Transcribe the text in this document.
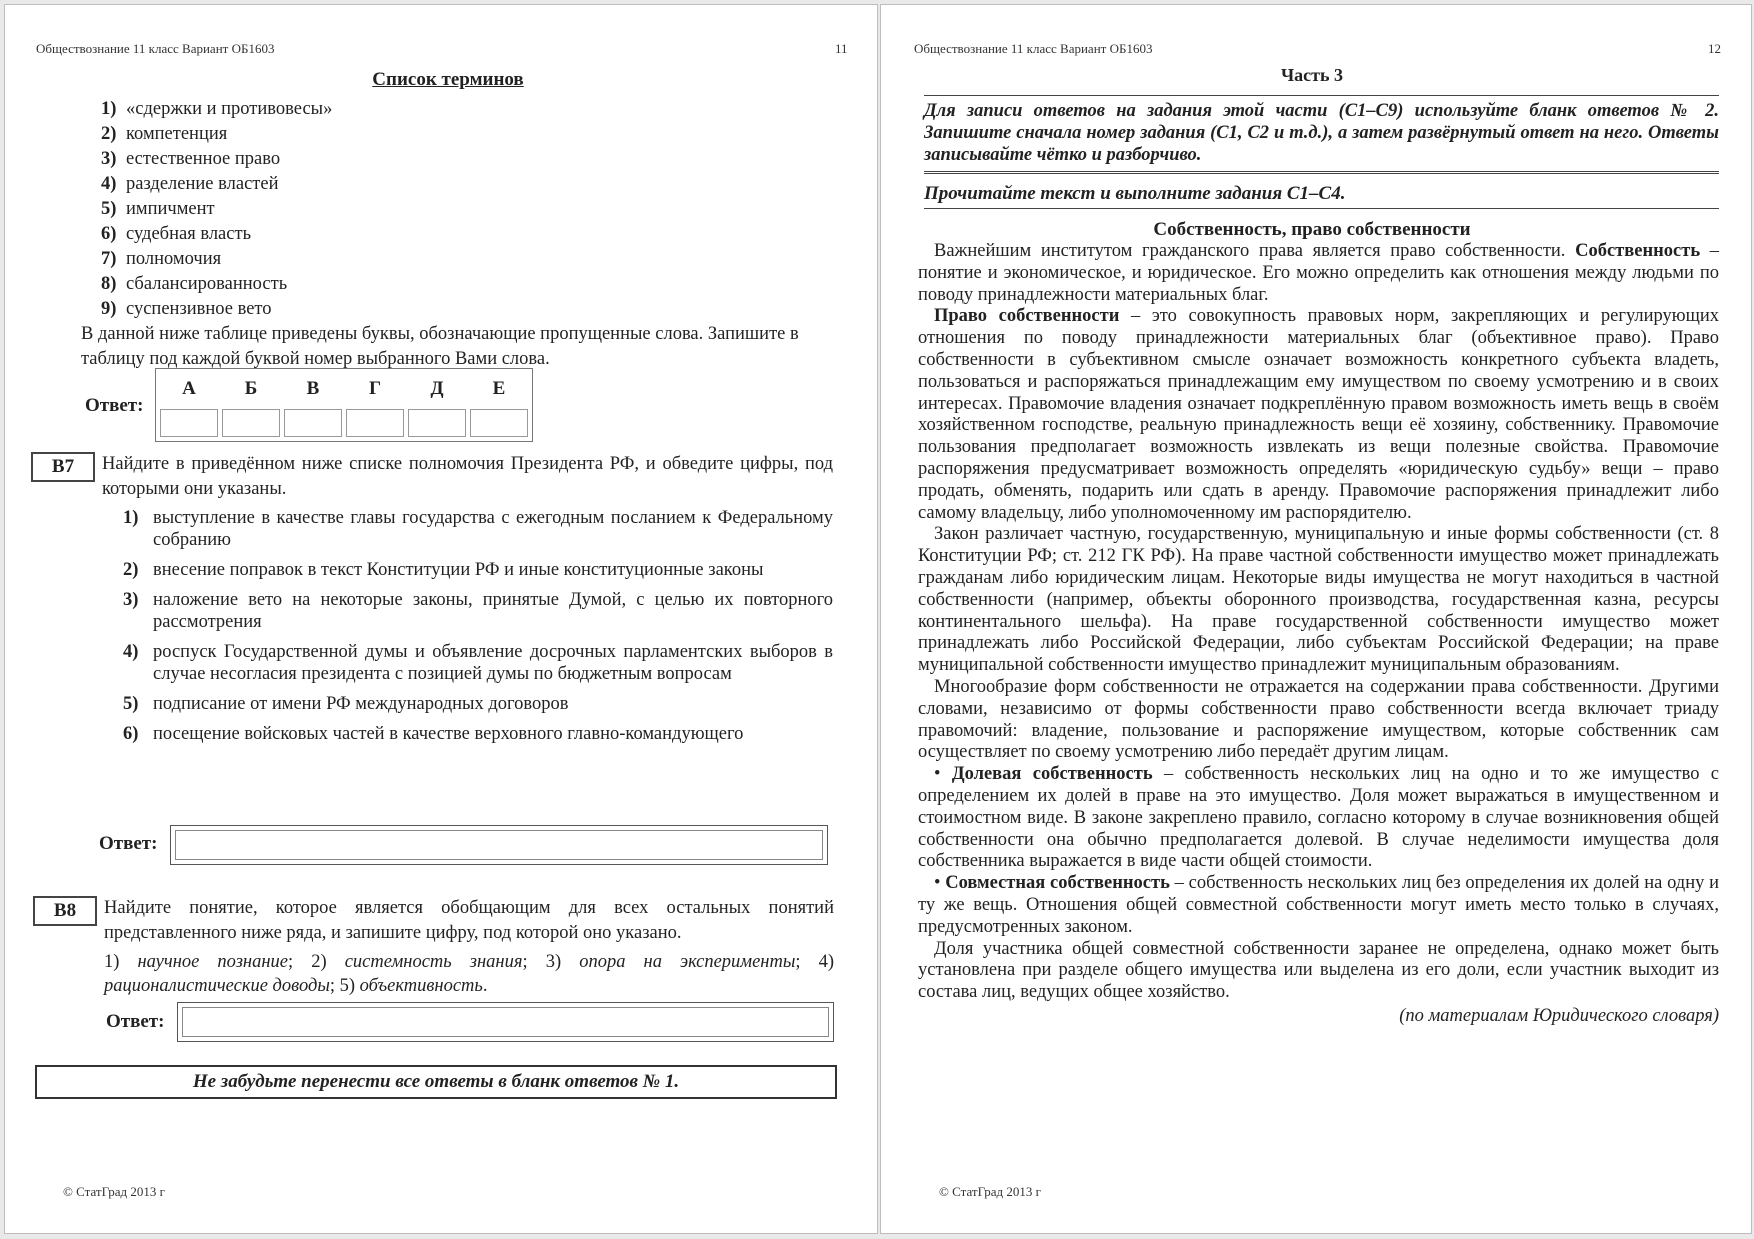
Обществознание 11 класс Вариант ОБ1603	11
Список терминов
1) «сдержки и противовесы»
2) компетенция
3) естественное право
4) разделение властей
5) импичмент
6) судебная власть
7) полномочия
8) сбалансированность
9) суспензивное вето
В данной ниже таблице приведены буквы, обозначающие пропущенные слова. Запишите в таблицу под каждой буквой номер выбранного Вами слова.
Ответ:
А	Б	В	Г	Д	Е

В7	Найдите в приведённом ниже списке полномочия Президента РФ, и обведите цифры, под которыми они указаны.
1) выступление в качестве главы государства с ежегодным посланием к Федеральному собранию
2) внесение поправок в текст Конституции РФ и иные конституционные законы
3) наложение вето на некоторые законы, принятые Думой, с целью их повторного рассмотрения
4) роспуск Государственной думы и объявление досрочных парламентских выборов в случае несогласия президента с позицией думы по бюджетным вопросам
5) подписание от имени РФ международных договоров
6) посещение войсковых частей в качестве верховного главно-командующего
Ответ:
В8	Найдите понятие, которое является обобщающим для всех остальных понятий представленного ниже ряда, и запишите цифру, под которой оно указано.
1) научное познание; 2) системность знания; 3) опора на эксперименты; 4) рационалистические доводы; 5) объективность.
Ответ:
Не забудьте перенести все ответы в бланк ответов № 1.
© СтатГрад 2013 г
Обществознание 11 класс Вариант ОБ1603	12
Часть 3
Для записи ответов на задания этой части (С1–С9) используйте бланк ответов № 2. Запишите сначала номер задания (С1, С2 и т.д.), а затем развёрнутый ответ на него. Ответы записывайте чётко и разборчиво.
Прочитайте текст и выполните задания С1–С4.
Собственность, право собственности

Важнейшим институтом гражданского права является право собственности. Собственность – понятие и экономическое, и юридическое. Его можно определить как отношения между людьми по поводу принадлежности материальных благ.

Право собственности – это совокупность правовых норм, закрепляющих и регулирующих отношения по поводу принадлежности материальных благ (объективное право). Право собственности в субъективном смысле означает возможность конкретного субъекта владеть, пользоваться и распоряжаться принадлежащим ему имуществом по своему усмотрению и в своих интересах. Правомочие владения означает подкреплённую правом возможность иметь вещь в своём хозяйственном господстве, реальную принадлежность вещи её хозяину, собственнику. Правомочие пользования предполагает возможность извлекать из вещи полезные свойства. Правомочие распоряжения предусматривает возможность определять «юридическую судьбу» вещи – право продать, обменять, подарить или сдать в аренду. Правомочие распоряжения принадлежит либо самому владельцу, либо уполномоченному им распорядителю.

Закон различает частную, государственную, муниципальную и иные формы собственности (ст. 8 Конституции РФ; ст. 212 ГК РФ). На праве частной собственности имущество может принадлежать гражданам либо юридическим лицам. Некоторые виды имущества не могут находиться в частной собственности (например, объекты оборонного производства, государственная казна, ресурсы континентального шельфа). На праве государственной собственности имущество может принадлежать либо Российской Федерации, либо субъектам Российской Федерации; на праве муниципальной собственности имущество принадлежит муниципальным образованиям.

Многообразие форм собственности не отражается на содержании права собственности. Другими словами, независимо от формы собственности право собственности всегда включает триаду правомочий: владение, пользование и распоряжение имуществом, которые собственник сам осуществляет по своему усмотрению либо передаёт другим лицам.

• Долевая собственность – собственность нескольких лиц на одно и то же имущество с определением их долей в праве на это имущество. Доля может выражаться в имущественном и стоимостном виде. В законе закреплено правило, согласно которому в случае возникновения общей собственности она обычно предполагается долевой. В случае неделимости имущества доля собственника выражается в виде части общей стоимости.

• Совместная собственность – собственность нескольких лиц без определения их долей на одну и ту же вещь. Отношения общей совместной собственности могут иметь место только в случаях, предусмотренных законом.

Доля участника общей совместной собственности заранее не определена, однако может быть установлена при разделе общего имущества или выделена из его доли, если участник выходит из состава лиц, ведущих общее хозяйство.

(по материалам Юридического словаря)

© СтатГрад 2013 г
